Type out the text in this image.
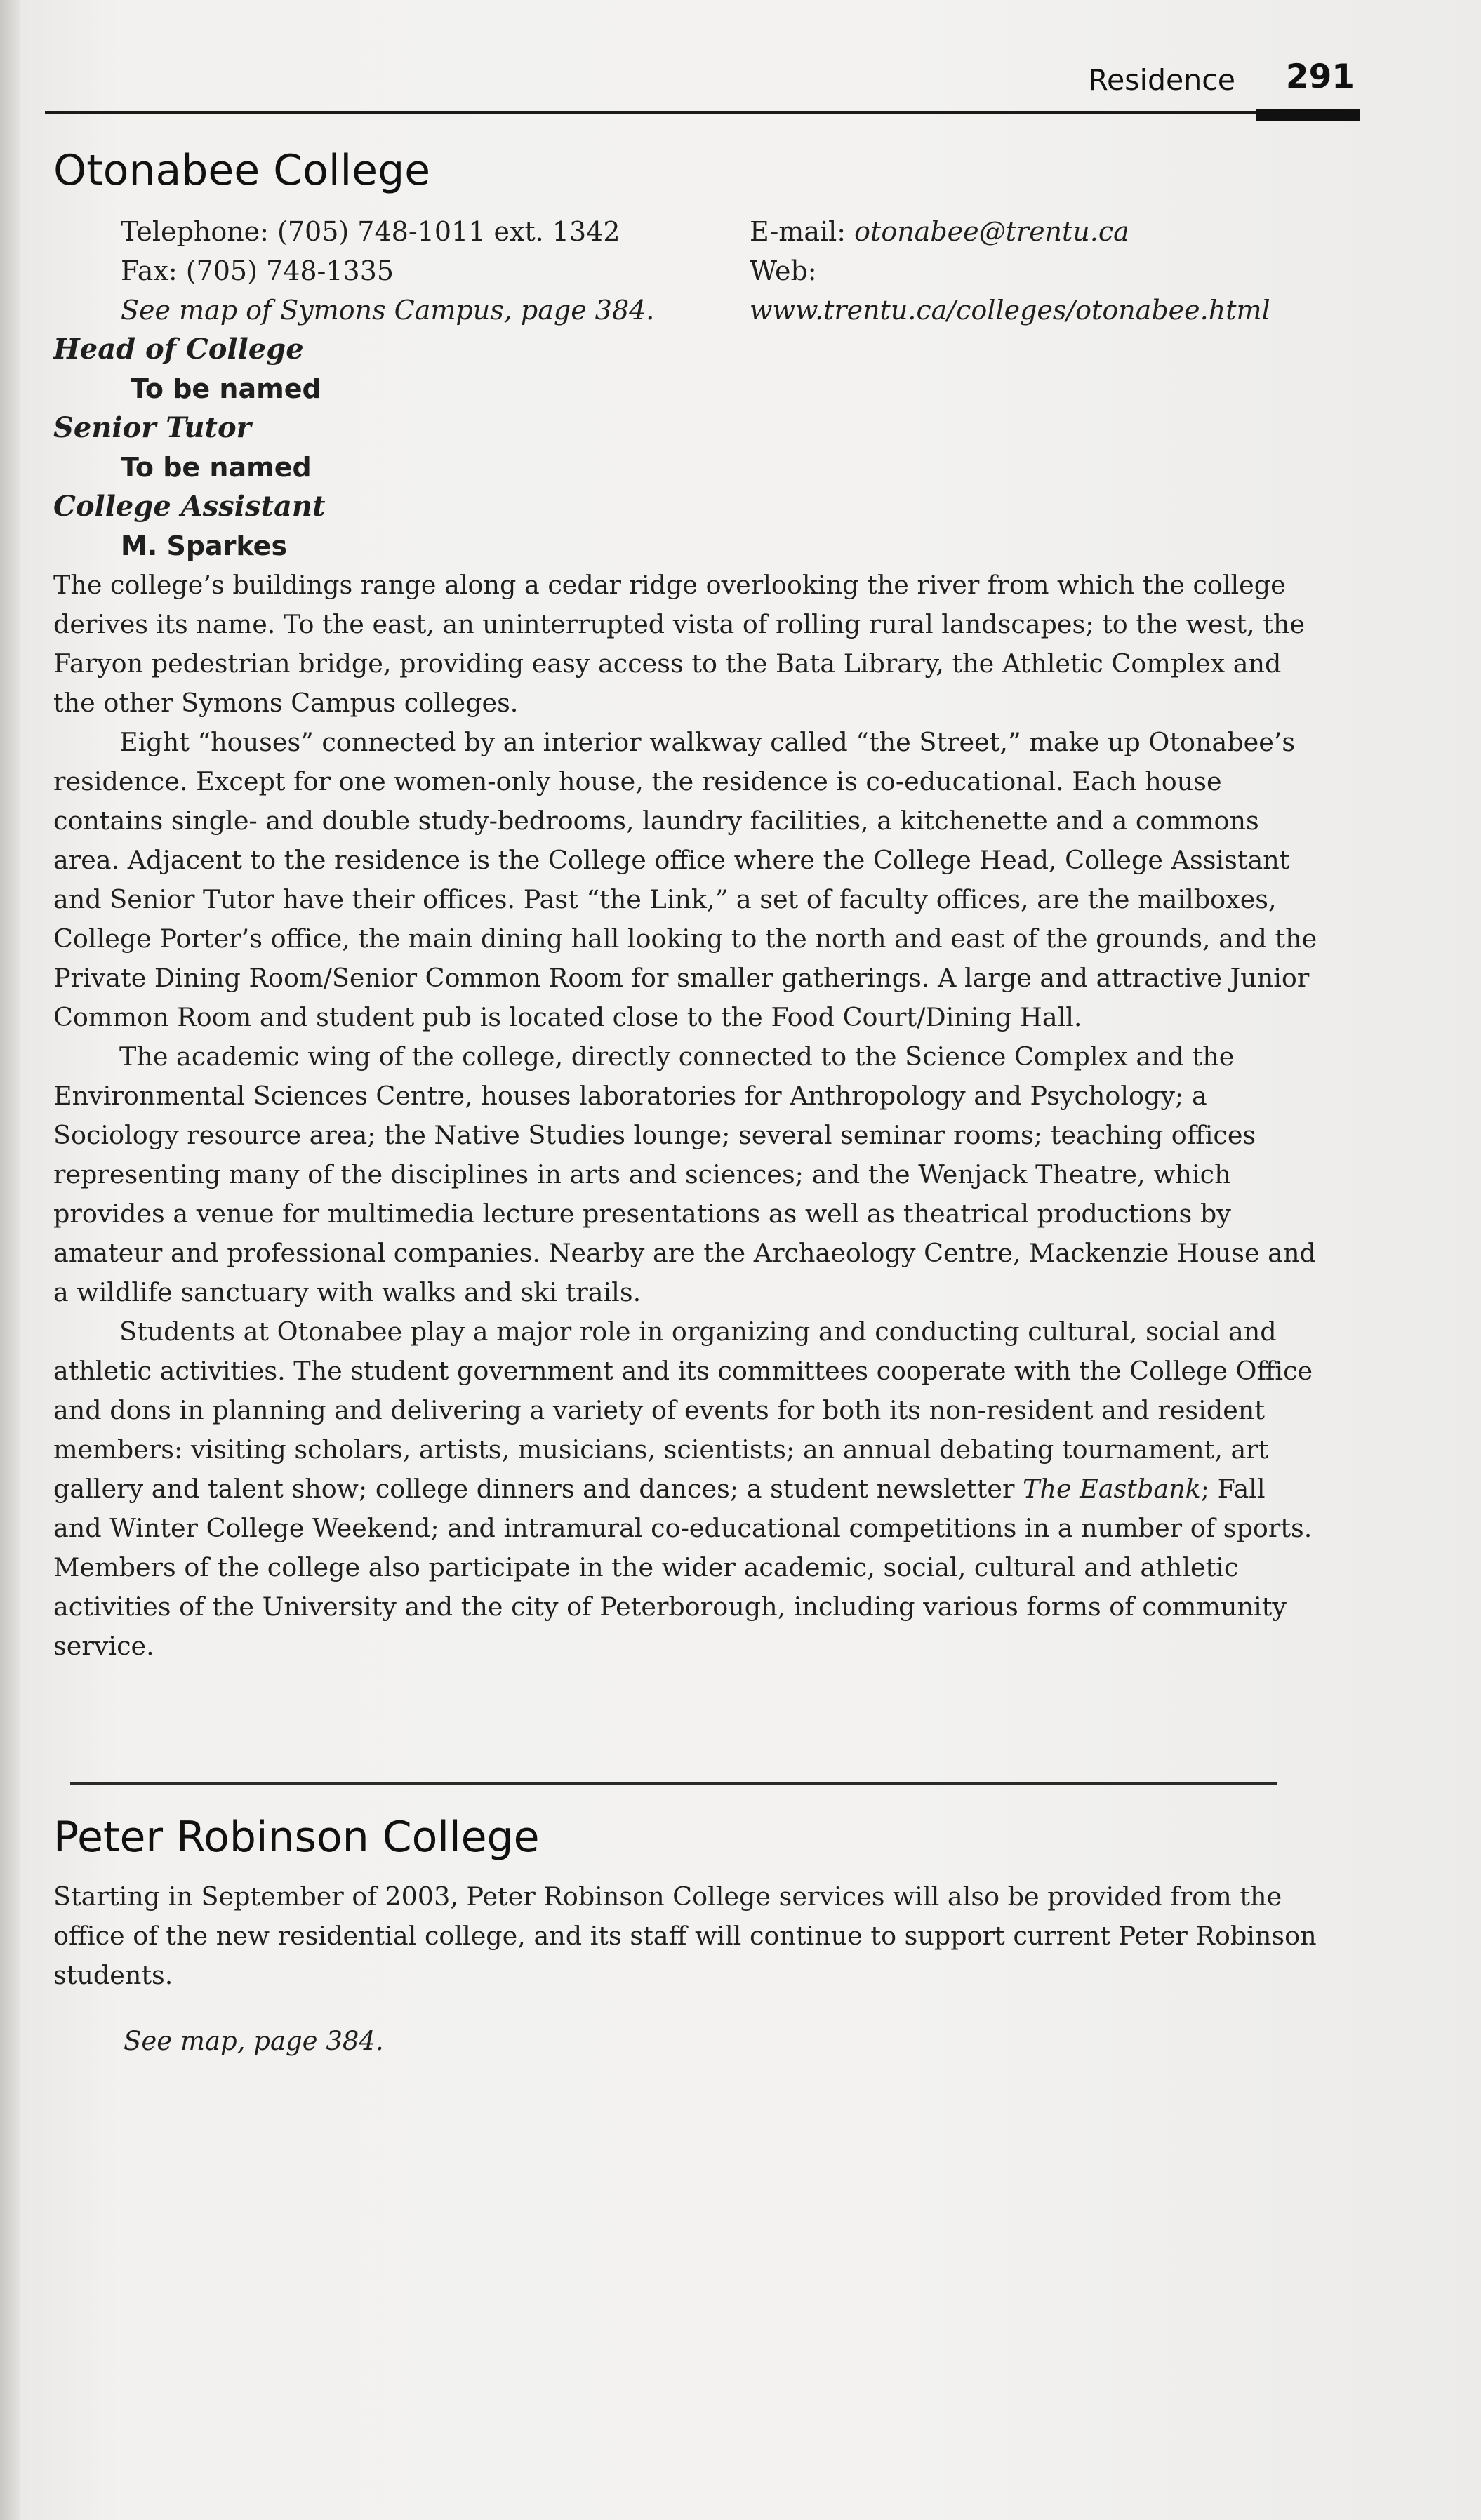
Residence 291
Otonabee College
Telephone: (705) 748-1011 ext. 1342
Fax: (705) 748-1335
See map of Symons Campus, page 384.
E-mail: otonabee@trentu.ca
Web: www.trentu.ca/colleges/otonabee.html

Head of College

To be named

Senior Tutor

To be named

College Assistant

M. Sparkes

The college’s buildings range along a cedar ridge overlooking the river from which the college derives its name. To the east, an uninterrupted vista of rolling rural landscapes; to the west, the Faryon pedestrian bridge, providing easy access to the Bata Library, the Athletic Complex and the other Symons Campus colleges.

Eight “houses” connected by an interior walkway called “the Street,” make up Otonabee’s residence. Except for one women-only house, the residence is co-educational. Each house contains single- and double study-bedrooms, laundry facilities, a kitchenette and a commons area. Adjacent to the residence is the College office where the College Head, College Assistant and Senior Tutor have their offices. Past “the Link,” a set of faculty offices, are the mailboxes, College Porter’s office, the main dining hall looking to the north and east of the grounds, and the Private Dining Room/Senior Common Room for smaller gatherings. A large and attractive Junior Common Room and student pub is located close to the Food Court/Dining Hall.

The academic wing of the college, directly connected to the Science Complex and the Environmental Sciences Centre, houses laboratories for Anthropology and Psychology; a Sociology resource area; the Native Studies lounge; several seminar rooms; teaching offices representing many of the disciplines in arts and sciences; and the Wenjack Theatre, which provides a venue for multimedia lecture presentations as well as theatrical productions by amateur and professional companies. Nearby are the Archaeology Centre, Mackenzie House and a wildlife sanctuary with walks and ski trails.

Students at Otonabee play a major role in organizing and conducting cultural, social and athletic activities. The student government and its committees cooperate with the College Office and dons in planning and delivering a variety of events for both its non-resident and resident members: visiting scholars, artists, musicians, scientists; an annual debating tournament, art gallery and talent show; college dinners and dances; a student newsletter The Eastbank; Fall and Winter College Weekend; and intramural co-educational competitions in a number of sports. Members of the college also participate in the wider academic, social, cultural and athletic activities of the University and the city of Peterborough, including various forms of community service.

Peter Robinson College

Starting in September of 2003, Peter Robinson College services will also be provided from the office of the new residential college, and its staff will continue to support current Peter Robinson students.

See map, page 384.
